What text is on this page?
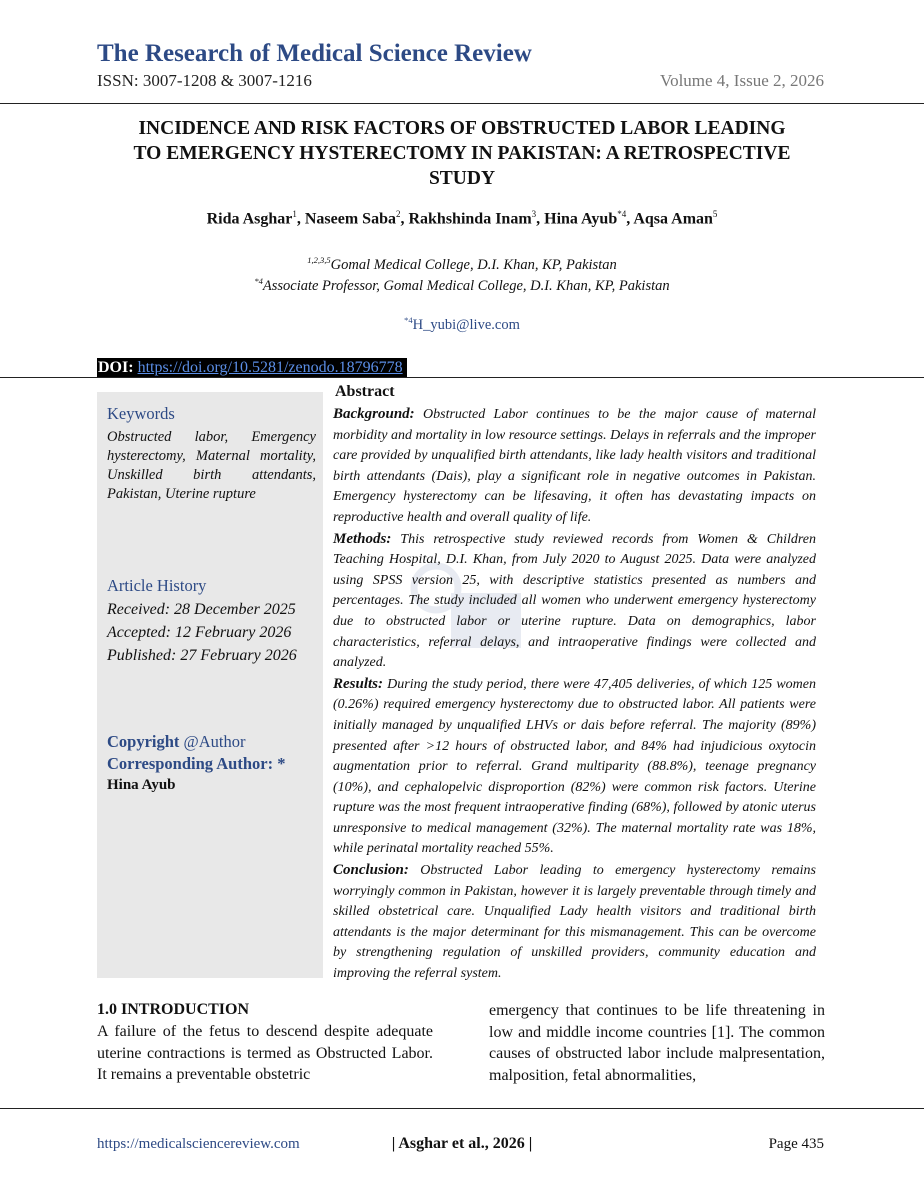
The Research of Medical Science Review
ISSN: 3007-1208 & 3007-1216	Volume 4, Issue 2, 2026
INCIDENCE AND RISK FACTORS OF OBSTRUCTED LABOR LEADING
TO EMERGENCY HYSTERECTOMY IN PAKISTAN: A RETROSPECTIVE
STUDY
Rida Asghar$^1$, Naseem Saba$^2$, Rakhshinda Inam$^3$, Hina Ayub$^{*4}$, Aqsa Aman$^5$
$^{1,2,3,5}$Gomal Medical College, D.I. Khan, KP, Pakistan
$^{*4}$Associate Professor, Gomal Medical College, D.I. Khan, KP, Pakistan
$^{*4}$H_yubi@live.com
DOI: https://doi.org/10.5281/zenodo.18796778
Keywords
Obstructed labor, Emergency hysterectomy, Maternal mortality, Unskilled birth attendants, Pakistan, Uterine rupture
Article History
Received: 28 December 2025
Accepted: 12 February 2026
Published: 27 February 2026
Copyright @Author
Corresponding Author: *
Hina Ayub
Abstract

Background: Obstructed Labor continues to be the major cause of maternal morbidity and mortality in low resource settings. Delays in referrals and the improper care provided by unqualified birth attendants, like lady health visitors and traditional birth attendants (Dais), play a significant role in negative outcomes in Pakistan. Emergency hysterectomy can be lifesaving, it often has devastating impacts on reproductive health and overall quality of life.

Methods: This retrospective study reviewed records from Women & Children Teaching Hospital, D.I. Khan, from July 2020 to August 2025. Data were analyzed using SPSS version 25, with descriptive statistics presented as numbers and percentages. The study included all women who underwent emergency hysterectomy due to obstructed labor or uterine rupture. Data on demographics, labor characteristics, referral delays, and intraoperative findings were collected and analyzed.

Results: During the study period, there were 47,405 deliveries, of which 125 women (0.26%) required emergency hysterectomy due to obstructed labor. All patients were initially managed by unqualified LHVs or dais before referral. The majority (89%) presented after >12 hours of obstructed labor, and 84% had injudicious oxytocin augmentation prior to referral. Grand multiparity (88.8%), teenage pregnancy (10%), and cephalopelvic disproportion (82%) were common risk factors. Uterine rupture was the most frequent intraoperative finding (68%), followed by atonic uterus unresponsive to medical management (32%). The maternal mortality rate was 18%, while perinatal mortality reached 55%.

Conclusion: Obstructed Labor leading to emergency hysterectomy remains worryingly common in Pakistan, however it is largely preventable through timely and skilled obstetrical care. Unqualified Lady health visitors and traditional birth attendants is the major determinant for this mismanagement. This can be overcome by strengthening regulation of unskilled providers, community education and improving the referral system.

1.0 INTRODUCTION
A failure of the fetus to descend despite adequate uterine contractions is termed as Obstructed Labor. It remains a preventable obstetric
emergency that continues to be life threatening in low and middle income countries [1]. The common causes of obstructed labor include malpresentation, malposition, fetal abnormalities,
https://medicalsciencereview.com	| Asghar et al., 2026 |	Page 435
